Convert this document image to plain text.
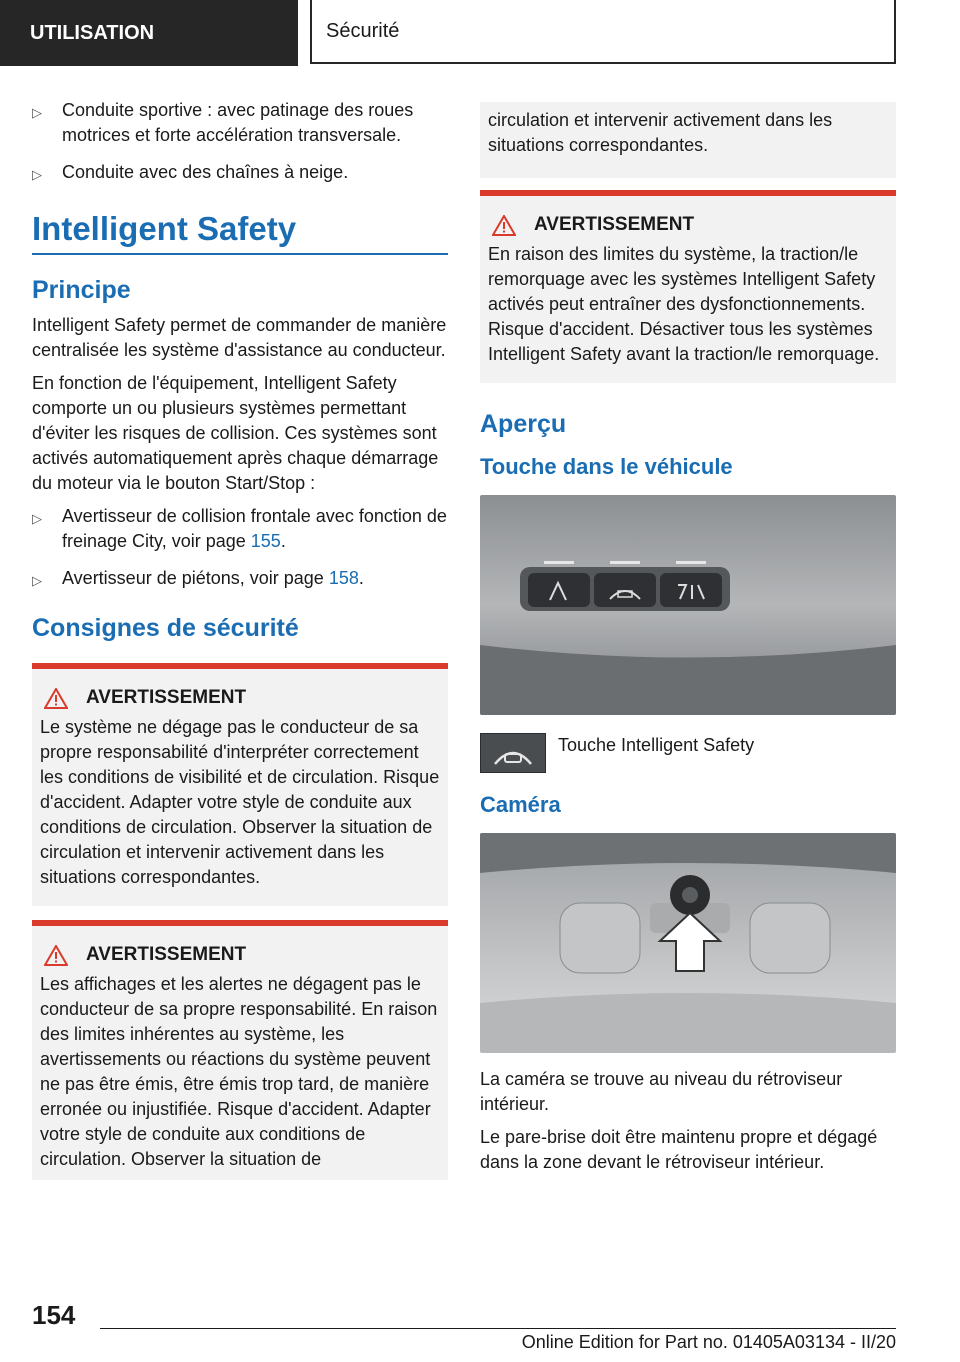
UTILISATION	Sécurité
▷	Conduite sportive : avec patinage des roues motrices et forte accélération transversale.
▷	Conduite avec des chaînes à neige.
Intelligent Safety
Principe

Intelligent Safety permet de commander de manière centralisée les système d'assistance au conducteur.

En fonction de l'équipement, Intelligent Safety comporte un ou plusieurs systèmes permettant d'éviter les risques de collision. Ces systèmes sont activés automatiquement après chaque démarrage du moteur via le bouton Start/Stop :

▷	Avertisseur de collision frontale avec fonction de freinage City, voir page 155.
▷	Avertisseur de piétons, voir page 158.
Consignes de sécurité
AVERTISSEMENT

Le système ne dégage pas le conducteur de sa propre responsabilité d'interpréter correctement les conditions de visibilité et de circulation. Risque d'accident. Adapter votre style de conduite aux conditions de circulation. Observer la situation de circulation et intervenir activement dans les situations correspondantes.

AVERTISSEMENT

Les affichages et les alertes ne dégagent pas le conducteur de sa propre responsabilité. En raison des limites inhérentes au système, les avertissements ou réactions du système peuvent ne pas être émis, être émis trop tard, de manière erronée ou injustifiée. Risque d'accident. Adapter votre style de conduite aux conditions de circulation. Observer la situation de

circulation et intervenir activement dans les situations correspondantes.

AVERTISSEMENT

En raison des limites du système, la traction/le remorquage avec les systèmes Intelligent Safety activés peut entraîner des dysfonctionnements. Risque d'accident. Désactiver tous les systèmes Intelligent Safety avant la traction/le remorquage.

Aperçu
Touche dans le véhicule
Touche Intelligent Safety
Caméra

La caméra se trouve au niveau du rétroviseur intérieur.

Le pare-brise doit être maintenu propre et dégagé dans la zone devant le rétroviseur intérieur.

154
Online Edition for Part no. 01405A03134 - II/20
